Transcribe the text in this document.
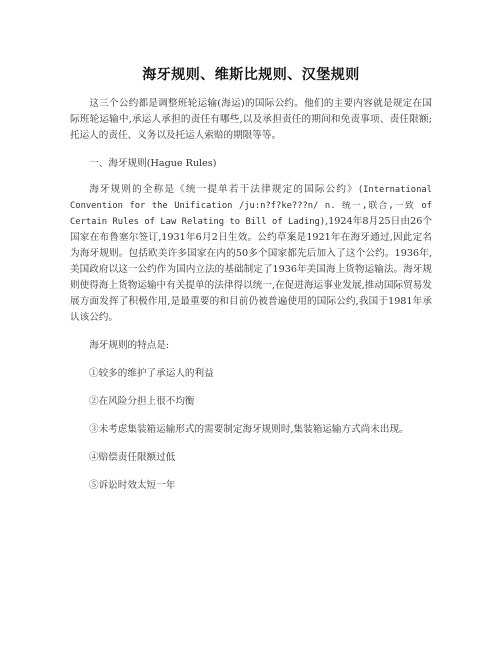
海牙规则、维斯比规则、汉堡规则

这三个公约都是调整班轮运输(海运)的国际公约。他们的主要内容就是规定在国际班轮运输中,承运人承担的责任有哪些,以及承担责任的期间和免责事项、责任限额;托运人的责任、义务以及托运人索赔的期限等等。

一、海牙规则(Hague Rules)

海牙规则的全称是《统一提单若干法律规定的国际公约》(International Convention for the Unification /ju:n?f?ke???n/ n. 统一,联合,一致 of Certain Rules of Law Relating to Bill of Lading),1924年8月25日由26个国家在布鲁塞尔签订,1931年6月2日生效。公约草案是1921年在海牙通过,因此定名为海牙规则。包括欧美许多国家在内的50多个国家都先后加入了这个公约。1936年,美国政府以这一公约作为国内立法的基础制定了1936年美国海上货物运输法。海牙规则使得海上货物运输中有关提单的法律得以统一,在促进海运事业发展,推动国际贸易发展方面发挥了积极作用,是最重要的和目前仍被普遍使用的国际公约,我国于1981年承认该公约。

海牙规则的特点是:

①较多的维护了承运人的利益

②在风险分担上很不均衡

③未考虑集装箱运输形式的需要制定海牙规则时,集装箱运输方式尚未出现。

④赔偿责任限额过低

⑤诉讼时效太短一年
